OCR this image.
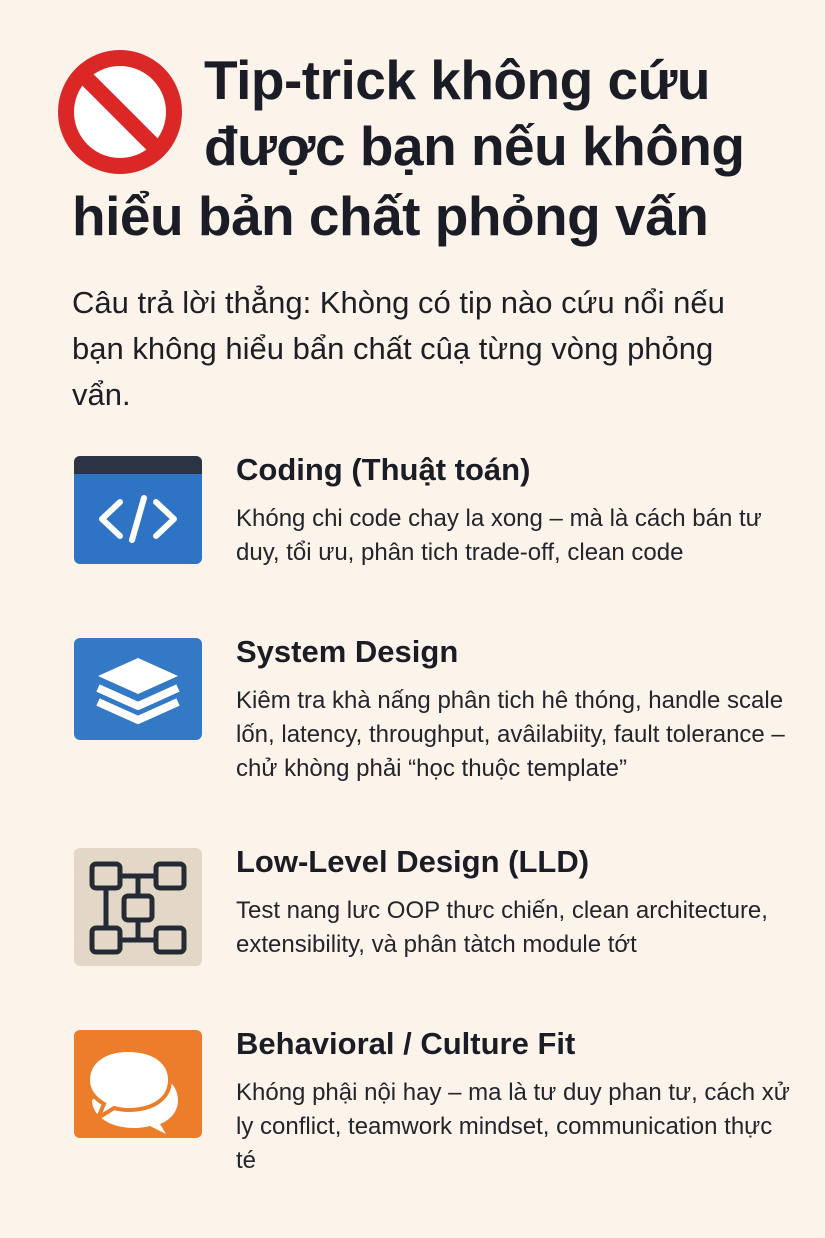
Tip-trick không cứu
được bạn nếu không
hiểu bản chất phỏng vấn
Câu trả lời thẳng: Khòng có tip nào cứu nổi nếu bạn không hiểu bẩn chất cûạ từng vòng phỏng vẩn.
Coding (Thuật toán)
Khóng chi code chay la xong – mà là cách bán tư duy, tổi ưu, phân tich trade-off, clean code
System Design
Kiêm tra khà nấng phân tich hê thóng, handle scale lốn, latency, throughput, avâilabiity, fault tolerance – chử khòng phải “học thuộc template”
Low-Level Design (LLD)
Test nang lưc OOP thưc chiến, clean architecture, extensibility, và phân tàtch module tớt
Behavioral / Culture Fit
Khóng phậi nội hay – ma là tư duy phan tư, cách xử ly conflict, teamwork mindset, communication thực té
